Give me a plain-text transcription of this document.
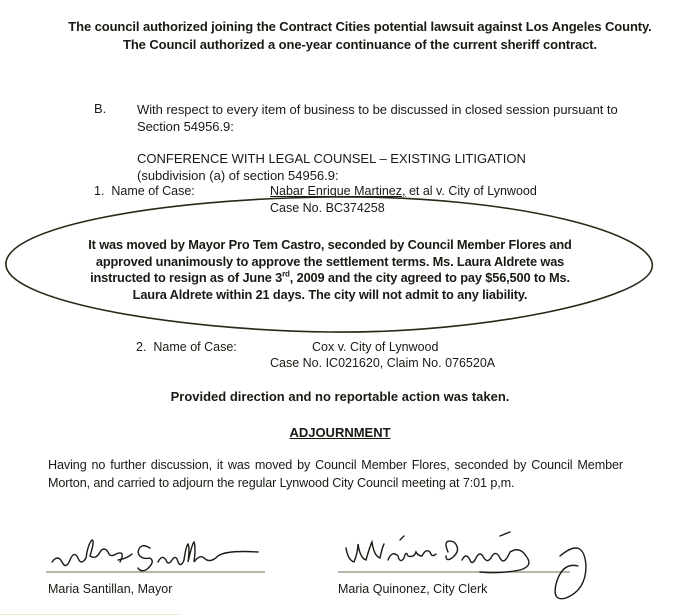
The council authorized joining the Contract Cities potential lawsuit against Los Angeles County. The Council authorized a one-year continuance of the current sheriff contract.
B. With respect to every item of business to be discussed in closed session pursuant to Section 54956.9:
CONFERENCE WITH LEGAL COUNSEL – EXISTING LITIGATION
(subdivision (a) of section 54956.9:
1. Name of Case:	Nabar Enrique Martinez, et al v. City of Lynwood
Case No. BC374258
It was moved by Mayor Pro Tem Castro, seconded by Council Member Flores and
approved unanimously to approve the settlement terms. Ms. Laura Aldrete was
instructed to resign as of June 3rd, 2009 and the city agreed to pay $56,500 to Ms.
Laura Aldrete within 21 days. The city will not admit to any liability.
2. Name of Case:	Cox v. City of Lynwood
Case No. IC021620, Claim No. 076520A
Provided direction and no reportable action was taken.
ADJOURNMENT
Having no further discussion, it was moved by Council Member Flores, seconded by Council Member Morton, and carried to adjourn the regular Lynwood City Council meeting at 7:01 p,m.
Maria Santillan, Mayor	Maria Quinonez, City Clerk
